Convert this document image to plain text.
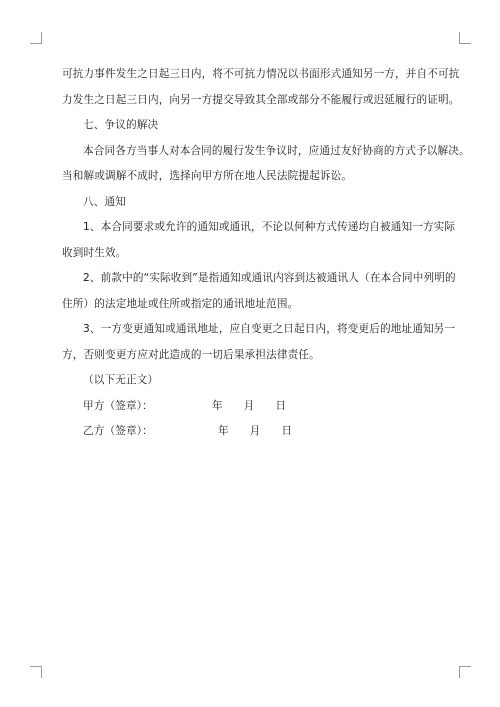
可抗力事件发生之日起三日内，将不可抗力情况以书面形式通知另一方，并自不可抗

力发生之日起三日内，向另一方提交导致其全部或部分不能履行或迟延履行的证明。

七、争议的解决

本合同各方当事人对本合同的履行发生争议时，应通过友好协商的方式予以解决。

当和解或调解不成时，选择向甲方所在地人民法院提起诉讼。

八、通知

1、本合同要求或允许的通知或通讯，不论以何种方式传递均自被通知一方实际

收到时生效。

2、前款中的“实际收到”是指通知或通讯内容到达被通讯人（在本合同中列明的

住所）的法定地址或住所或指定的通讯地址范围。

3、一方变更通知或通讯地址，应自变更之日起日内，将变更后的地址通知另一

方，否则变更方应对此造成的一切后果承担法律责任。

（以下无正文）

甲方（签章）：	年 月 日

乙方（签章）：	年 月 日
